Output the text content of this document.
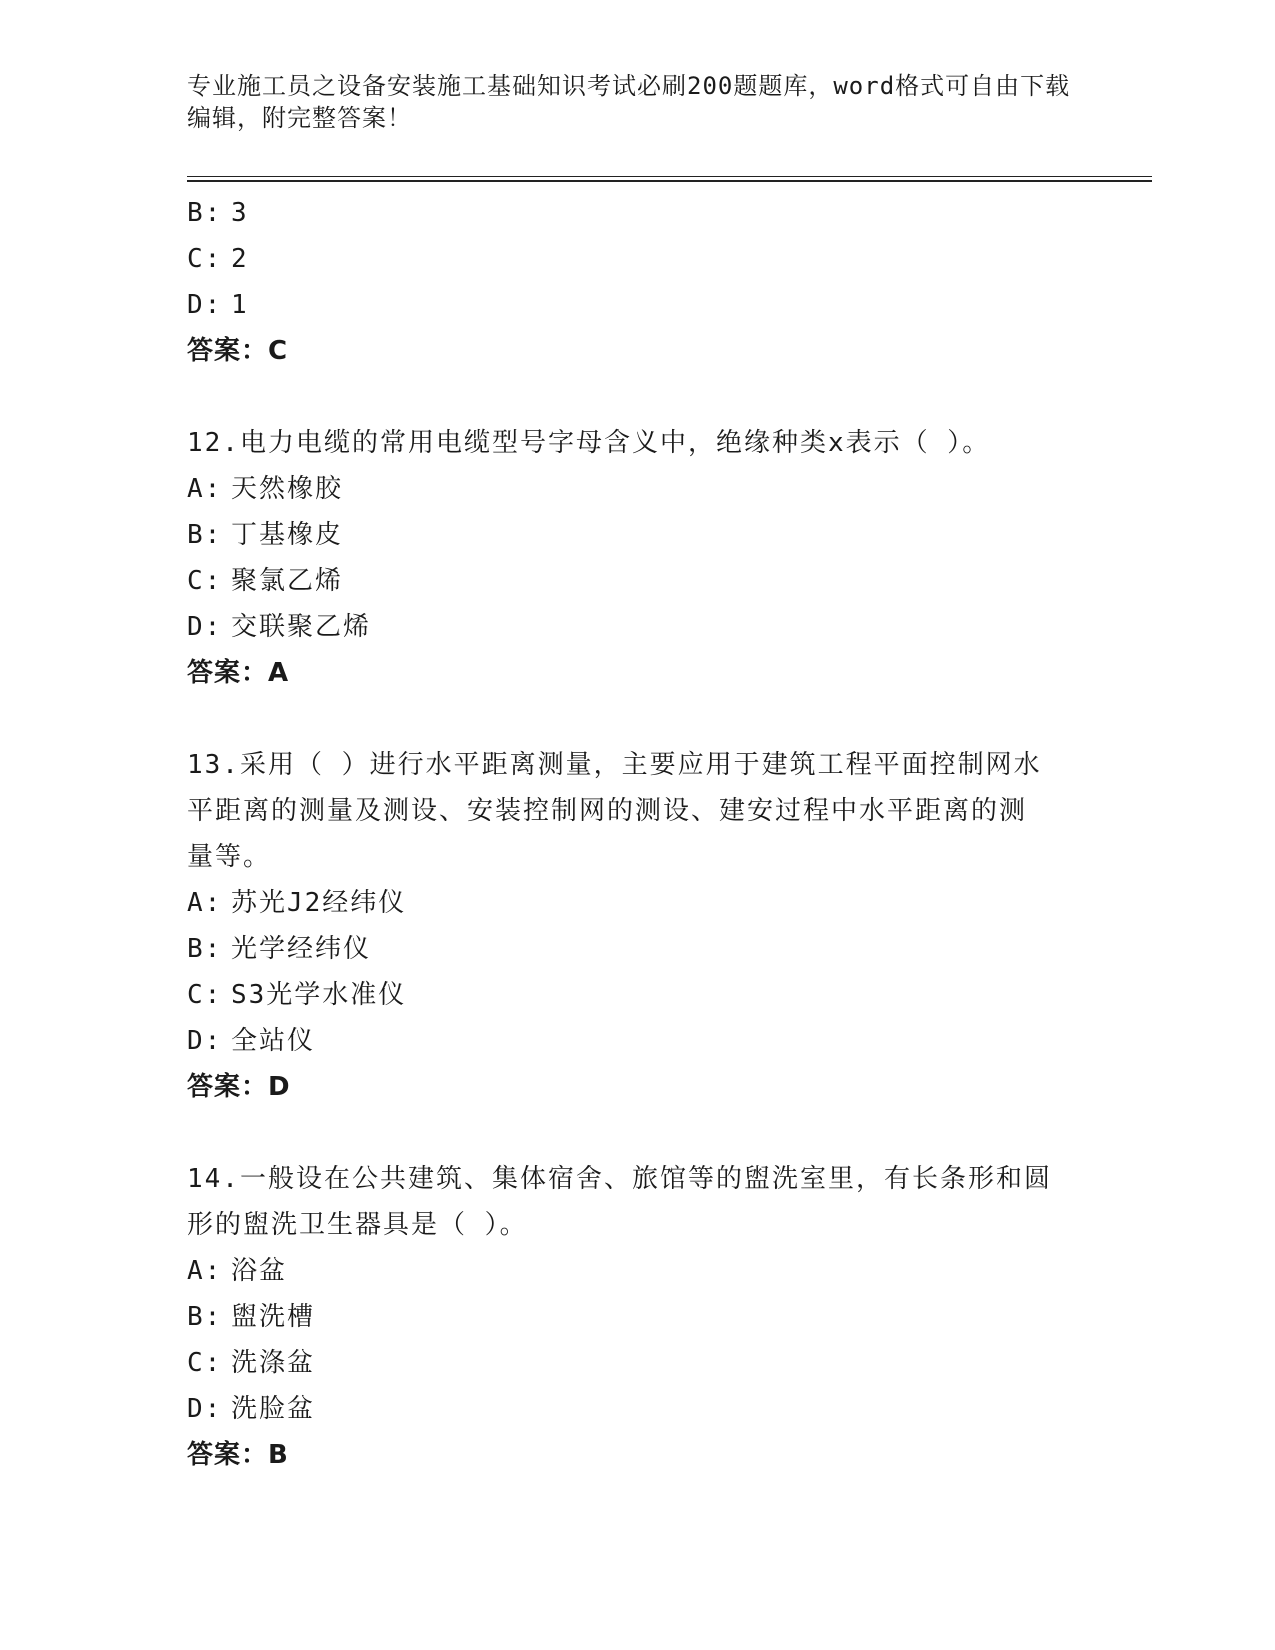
专业施工员之设备安装施工基础知识考试必刷200题题库，word格式可自由下载
编辑，附完整答案！
B: 3
C: 2
D: 1
答案：C
12.电力电缆的常用电缆型号字母含义中，绝缘种类x表示（ ）。
A: 天然橡胶
B: 丁基橡皮
C: 聚氯乙烯
D: 交联聚乙烯
答案：A
13.采用（ ）进行水平距离测量，主要应用于建筑工程平面控制网水
平距离的测量及测设、安装控制网的测设、建安过程中水平距离的测
量等。
A: 苏光J2经纬仪
B: 光学经纬仪
C: S3光学水准仪
D: 全站仪
答案：D
14.一般设在公共建筑、集体宿舍、旅馆等的盥洗室里，有长条形和圆
形的盥洗卫生器具是（ ）。
A: 浴盆
B: 盥洗槽
C: 洗涤盆
D: 洗脸盆
答案：B
